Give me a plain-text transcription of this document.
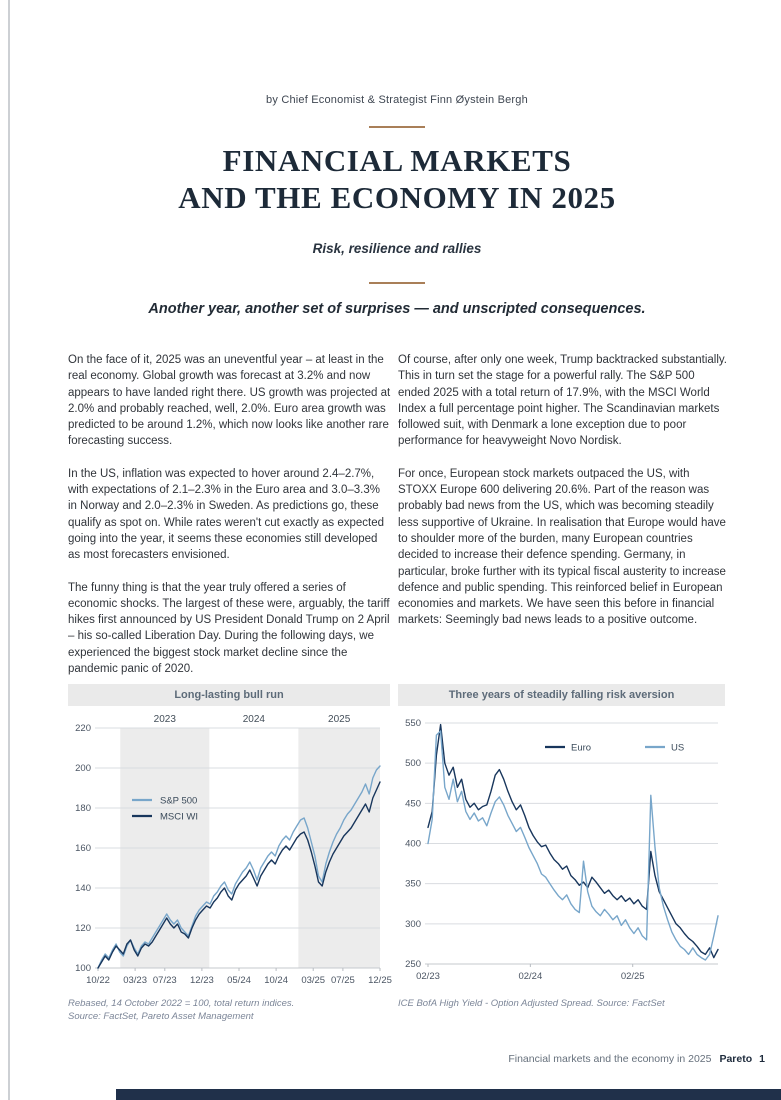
by Chief Economist & Strategist Finn Øystein Bergh
FINANCIAL MARKETS
AND THE ECONOMY IN 2025
Risk, resilience and rallies
Another year, another set of surprises — and unscripted consequences.

On the face of it, 2025 was an uneventful year – at least in the real economy. Global growth was forecast at 3.2% and now appears to have landed right there. US growth was projected at 2.0% and probably reached, well, 2.0%. Euro area growth was predicted to be around 1.2%, which now looks like another rare forecasting success.

In the US, inflation was expected to hover around 2.4–2.7%, with expectations of 2.1–2.3% in the Euro area and 3.0–3.3% in Norway and 2.0–2.3% in Sweden. As predictions go, these qualify as spot on. While rates weren't cut exactly as expected going into the year, it seems these economies still developed as most forecasters envisioned.

The funny thing is that the year truly offered a series of economic shocks. The largest of these were, arguably, the tariff hikes first announced by US President Donald Trump on 2 April – his so-called Liberation Day. During the following days, we experienced the biggest stock market decline since the pandemic panic of 2020.

Of course, after only one week, Trump backtracked substantially. This in turn set the stage for a powerful rally. The S&P 500 ended 2025 with a total return of 17.9%, with the MSCI World Index a full percentage point higher. The Scandinavian markets followed suit, with Denmark a lone exception due to poor performance for heavyweight Novo Nordisk.

For once, European stock markets outpaced the US, with STOXX Europe 600 delivering 20.6%. Part of the reason was probably bad news from the US, which was becoming steadily less supportive of Ukraine. In realisation that Europe would have to shoulder more of the burden, many European countries decided to increase their defence spending. Germany, in particular, broke further with its typical fiscal austerity to increase defence and public spending. This reinforced belief in European economies and markets. We have seen this before in financial markets: Seemingly bad news leads to a positive outcome.

Long-lasting bull run
220
200
180
160
140
120
100
2023	2024	2025
10/22 03/23 07/23 12/23 05/24 10/24 03/25 07/25 12/25
S&P 500
MSCI WI
Rebased, 14 October 2022 = 100, total return indices.
Source: FactSet, Pareto Asset Management
Three years of steadily falling risk aversion
550
500
450
400
350
300
250
02/23	02/24	02/25
Euro	US
ICE BofA High Yield - Option Adjusted Spread. Source: FactSet
Financial markets and the economy in 2025 Pareto 1
